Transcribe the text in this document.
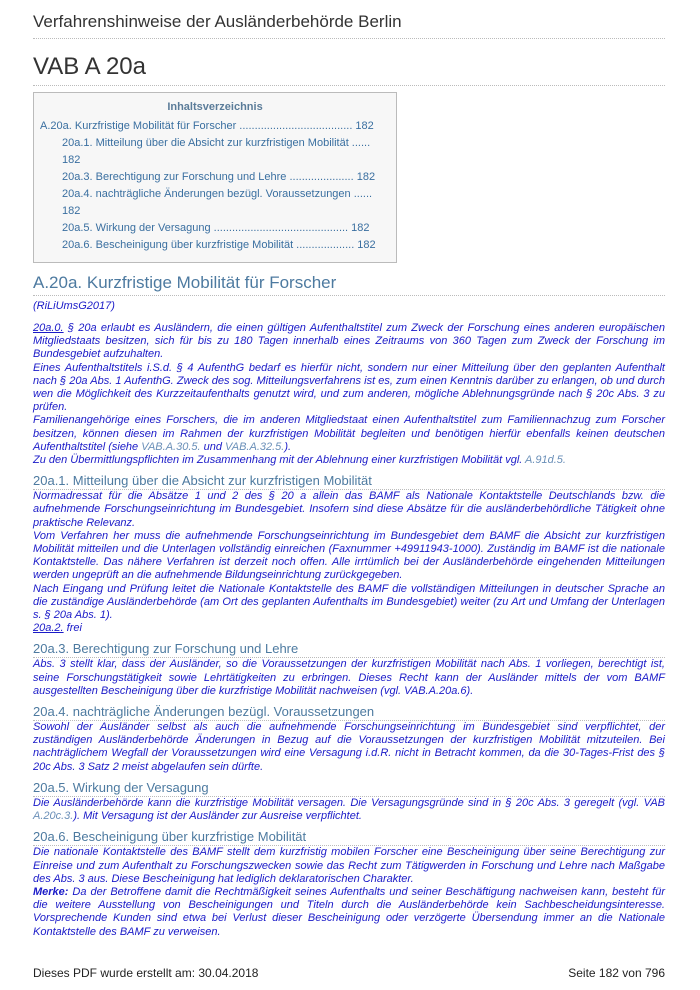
Verfahrenshinweise der Ausländerbehörde Berlin
VAB A 20a
Inhaltsverzeichnis
A.20a. Kurzfristige Mobilität für Forscher ..................................... 182
20a.1. Mitteilung über die Absicht zur kurzfristigen Mobilität ...... 182
20a.3. Berechtigung zur Forschung und Lehre ..................... 182
20a.4. nachträgliche Änderungen bezügl. Voraussetzungen ...... 182
20a.5. Wirkung der Versagung ............................................ 182
20a.6. Bescheinigung über kurzfristige Mobilität ................... 182
A.20a. Kurzfristige Mobilität für Forscher
(RiLiUmsG2017)

20a.0. § 20a erlaubt es Ausländern, die einen gültigen Aufenthaltstitel zum Zweck der Forschung eines anderen europäischen Mitgliedstaats besitzen, sich für bis zu 180 Tagen innerhalb eines Zeitraums von 360 Tagen zum Zweck der Forschung im Bundesgebiet aufzuhalten.

Eines Aufenthaltstitels i.S.d. § 4 AufenthG bedarf es hierfür nicht, sondern nur einer Mitteilung über den geplanten Aufenthalt nach § 20a Abs. 1 AufenthG. Zweck des sog. Mitteilungsverfahrens ist es, zum einen Kenntnis darüber zu erlangen, ob und durch wen die Möglichkeit des Kurzzeitaufenthalts genutzt wird, und zum anderen, mögliche Ablehnungsgründe nach § 20c Abs. 3 zu prüfen.

Familienangehörige eines Forschers, die im anderen Mitgliedstaat einen Aufenthaltstitel zum Familiennachzug zum Forscher besitzen, können diesen im Rahmen der kurzfristigen Mobilität begleiten und benötigen hierfür ebenfalls keinen deutschen Aufenthaltstitel (siehe VAB.A.30.5. und VAB.A.32.5.).

Zu den Übermittlungspflichten im Zusammenhang mit der Ablehnung einer kurzfristigen Mobilität vgl. A.91d.5.

20a.1. Mitteilung über die Absicht zur kurzfristigen Mobilität

Normadressat für die Absätze 1 und 2 des § 20 a allein das BAMF als Nationale Kontaktstelle Deutschlands bzw. die aufnehmende Forschungseinrichtung im Bundesgebiet. Insofern sind diese Absätze für die ausländerbehördliche Tätigkeit ohne praktische Relevanz.

Vom Verfahren her muss die aufnehmende Forschungseinrichtung im Bundesgebiet dem BAMF die Absicht zur kurzfristigen Mobilität mitteilen und die Unterlagen vollständig einreichen (Faxnummer +49911943-1000). Zuständig im BAMF ist die nationale Kontaktstelle. Das nähere Verfahren ist derzeit noch offen. Alle irrtümlich bei der Ausländerbehörde eingehenden Mitteilungen werden ungeprüft an die aufnehmende Bildungseinrichtung zurückgegeben.

Nach Eingang und Prüfung leitet die Nationale Kontaktstelle des BAMF die vollständigen Mitteilungen in deutscher Sprache an die zuständige Ausländerbehörde (am Ort des geplanten Aufenthalts im Bundesgebiet) weiter (zu Art und Umfang der Unterlagen s. § 20a Abs. 1).

20a.2. frei

20a.3. Berechtigung zur Forschung und Lehre

Abs. 3 stellt klar, dass der Ausländer, so die Voraussetzungen der kurzfristigen Mobilität nach Abs. 1 vorliegen, berechtigt ist, seine Forschungstätigkeit sowie Lehrtätigkeiten zu erbringen. Dieses Recht kann der Ausländer mittels der vom BAMF ausgestellten Bescheinigung über die kurzfristige Mobilität nachweisen (vgl. VAB.A.20a.6).

20a.4. nachträgliche Änderungen bezügl. Voraussetzungen

Sowohl der Ausländer selbst als auch die aufnehmende Forschungseinrichtung im Bundesgebiet sind verpflichtet, der zuständigen Ausländerbehörde Änderungen in Bezug auf die Voraussetzungen der kurzfristigen Mobilität mitzuteilen. Bei nachträglichem Wegfall der Voraussetzungen wird eine Versagung i.d.R. nicht in Betracht kommen, da die 30-Tages-Frist des § 20c Abs. 3 Satz 2 meist abgelaufen sein dürfte.

20a.5. Wirkung der Versagung

Die Ausländerbehörde kann die kurzfristige Mobilität versagen. Die Versagungsgründe sind in § 20c Abs. 3 geregelt (vgl. VAB A.20c.3.). Mit Versagung ist der Ausländer zur Ausreise verpflichtet.

20a.6. Bescheinigung über kurzfristige Mobilität

Die nationale Kontaktstelle des BAMF stellt dem kurzfristig mobilen Forscher eine Bescheinigung über seine Berechtigung zur Einreise und zum Aufenthalt zu Forschungszwecken sowie das Recht zum Tätigwerden in Forschung und Lehre nach Maßgabe des Abs. 3 aus. Diese Bescheinigung hat lediglich deklaratorischen Charakter.

Merke: Da der Betroffene damit die Rechtmäßigkeit seines Aufenthalts und seiner Beschäftigung nachweisen kann, besteht für die weitere Ausstellung von Bescheinigungen und Titeln durch die Ausländerbehörde kein Sachbescheidungsinteresse. Vorsprechende Kunden sind etwa bei Verlust dieser Bescheinigung oder verzögerte Übersendung immer an die Nationale Kontaktstelle des BAMF zu verweisen.

Dieses PDF wurde erstellt am: 30.04.2018	Seite 182 von 796
